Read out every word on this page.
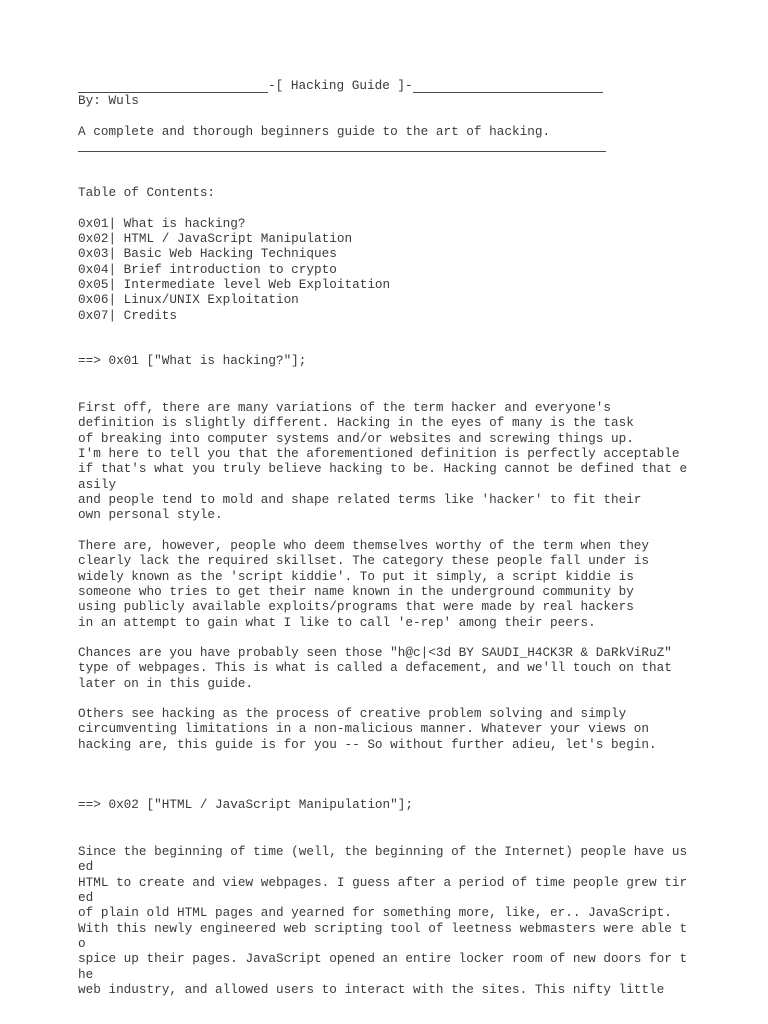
-[ Hacking Guide ]-
By: Wuls
A complete and thorough beginners guide to the art of hacking.
Table of Contents:
0x01| What is hacking?
0x02| HTML / JavaScript Manipulation
0x03| Basic Web Hacking Techniques
0x04| Brief introduction to crypto
0x05| Intermediate level Web Exploitation
0x06| Linux/UNIX Exploitation
0x07| Credits
==> 0x01 ["What is hacking?"];
First off, there are many variations of the term hacker and everyone's
definition is slightly different. Hacking in the eyes of many is the task
of breaking into computer systems and/or websites and screwing things up.
I'm here to tell you that the aforementioned definition is perfectly acceptable
if that's what you truly believe hacking to be. Hacking cannot be defined that e
asily
and people tend to mold and shape related terms like 'hacker' to fit their
own personal style.
There are, however, people who deem themselves worthy of the term when they
clearly lack the required skillset. The category these people fall under is
widely known as the 'script kiddie'. To put it simply, a script kiddie is
someone who tries to get their name known in the underground community by
using publicly available exploits/programs that were made by real hackers
in an attempt to gain what I like to call 'e-rep' among their peers.
Chances are you have probably seen those "h@c|<3d BY SAUDI_H4CK3R & DaRkViRuZ"
type of webpages. This is what is called a defacement, and we'll touch on that
later on in this guide.
Others see hacking as the process of creative problem solving and simply
circumventing limitations in a non-malicious manner. Whatever your views on
hacking are, this guide is for you -- So without further adieu, let's begin.
==> 0x02 ["HTML / JavaScript Manipulation"];
Since the beginning of time (well, the beginning of the Internet) people have us
ed
HTML to create and view webpages. I guess after a period of time people grew tir
ed
of plain old HTML pages and yearned for something more, like, er.. JavaScript.
With this newly engineered web scripting tool of leetness webmasters were able t
o
spice up their pages. JavaScript opened an entire locker room of new doors for t
he
web industry, and allowed users to interact with the sites. This nifty little
